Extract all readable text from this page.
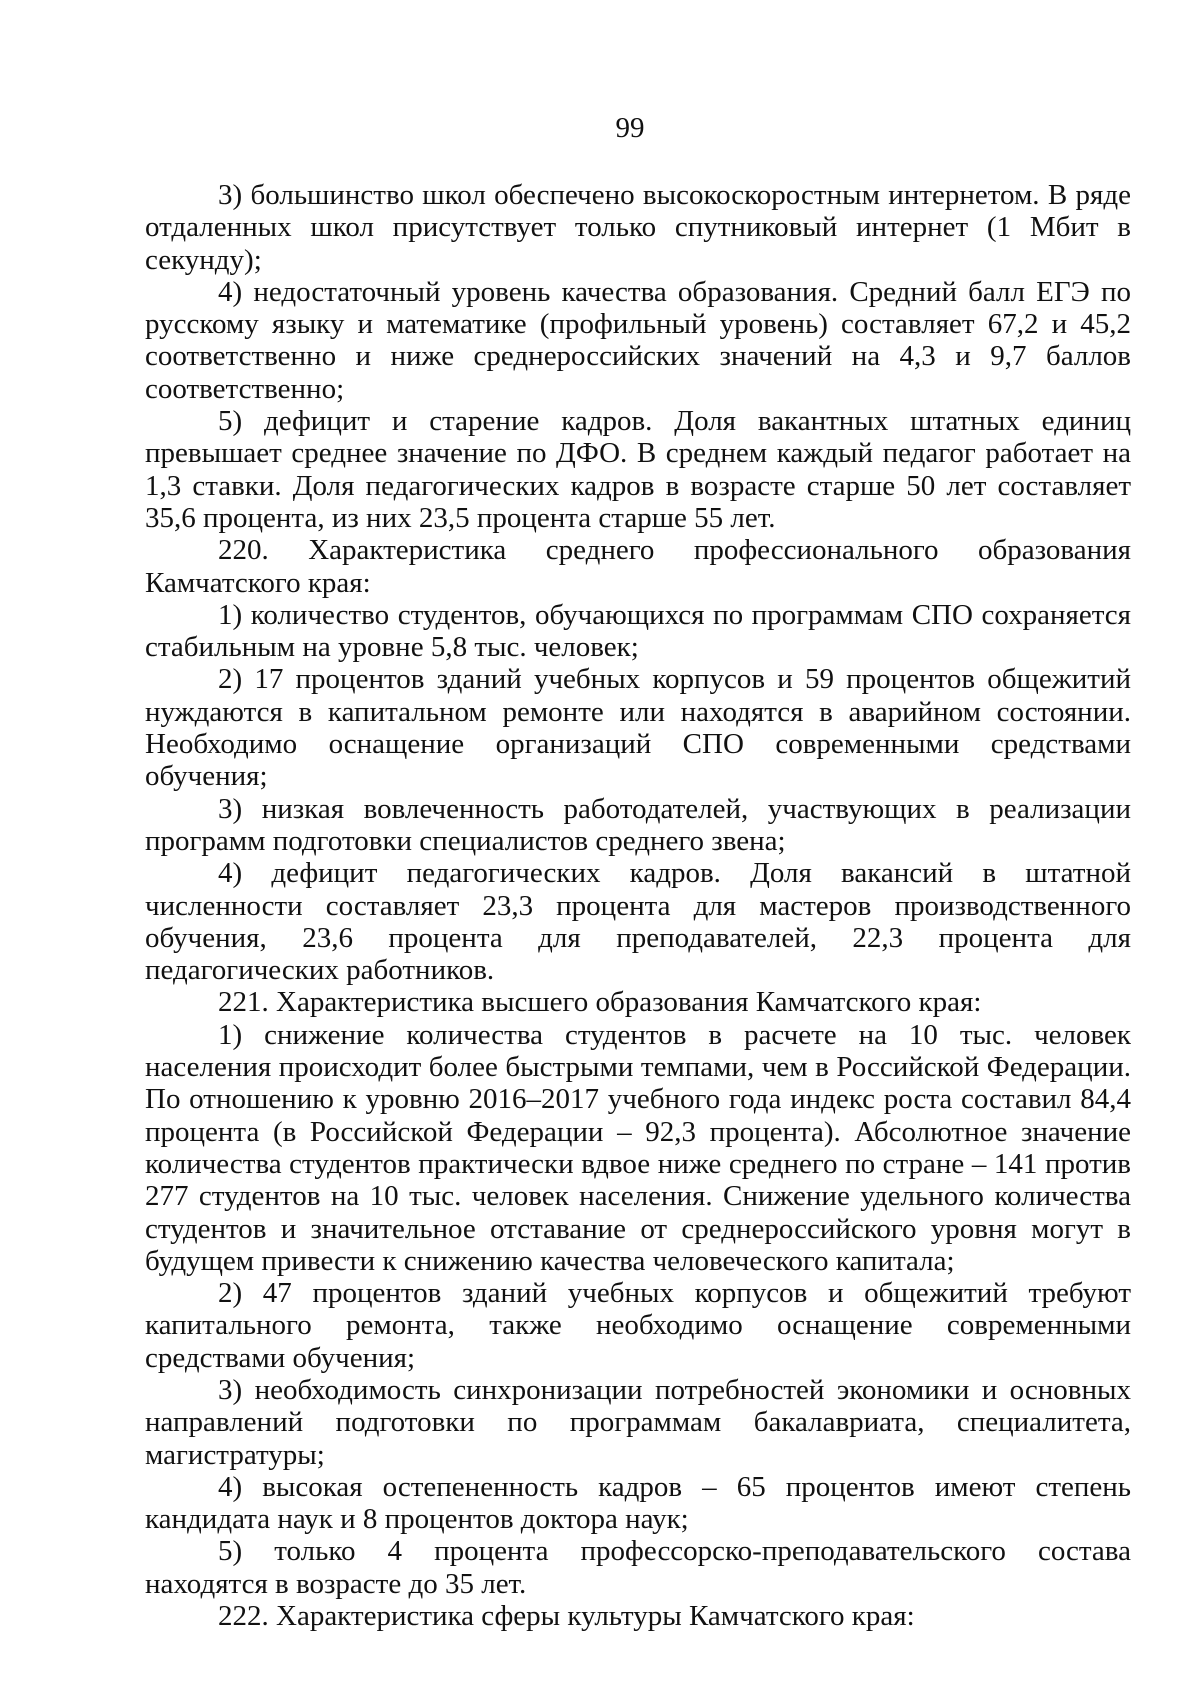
99

3) большинство школ обеспечено высокоскоростным интернетом. В ряде отдаленных школ присутствует только спутниковый интернет (1 Мбит в секунду);

4) недостаточный уровень качества образования. Средний балл ЕГЭ по русскому языку и математике (профильный уровень) составляет 67,2 и 45,2 соответственно и ниже среднероссийских значений на 4,3 и 9,7 баллов соответственно;

5) дефицит и старение кадров. Доля вакантных штатных единиц превышает среднее значение по ДФО. В среднем каждый педагог работает на 1,3 ставки. Доля педагогических кадров в возрасте старше 50 лет составляет 35,6 процента, из них 23,5 процента старше 55 лет.

220. Характеристика среднего профессионального образования Камчатского края:

1) количество студентов, обучающихся по программам СПО сохраняется стабильным на уровне 5,8 тыс. человек;

2) 17 процентов зданий учебных корпусов и 59 процентов общежитий нуждаются в капитальном ремонте или находятся в аварийном состоянии. Необходимо оснащение организаций СПО современными средствами обучения;

3) низкая вовлеченность работодателей, участвующих в реализации программ подготовки специалистов среднего звена;

4) дефицит педагогических кадров. Доля вакансий в штатной численности составляет 23,3 процента для мастеров производственного обучения, 23,6 процента для преподавателей, 22,3 процента для педагогических работников.

221. Характеристика высшего образования Камчатского края:

1) снижение количества студентов в расчете на 10 тыс. человек населения происходит более быстрыми темпами, чем в Российской Федерации. По отношению к уровню 2016–2017 учебного года индекс роста составил 84,4 процента (в Российской Федерации – 92,3 процента). Абсолютное значение количества студентов практически вдвое ниже среднего по стране – 141 против 277 студентов на 10 тыс. человек населения. Снижение удельного количества студентов и значительное отставание от среднероссийского уровня могут в будущем привести к снижению качества человеческого капитала;

2) 47 процентов зданий учебных корпусов и общежитий требуют капитального ремонта, также необходимо оснащение современными средствами обучения;

3) необходимость синхронизации потребностей экономики и основных направлений подготовки по программам бакалавриата, специалитета, магистратуры;

4) высокая остепененность кадров – 65 процентов имеют степень кандидата наук и 8 процентов доктора наук;

5) только 4 процента профессорско-преподавательского состава находятся в возрасте до 35 лет.

222. Характеристика сферы культуры Камчатского края:
